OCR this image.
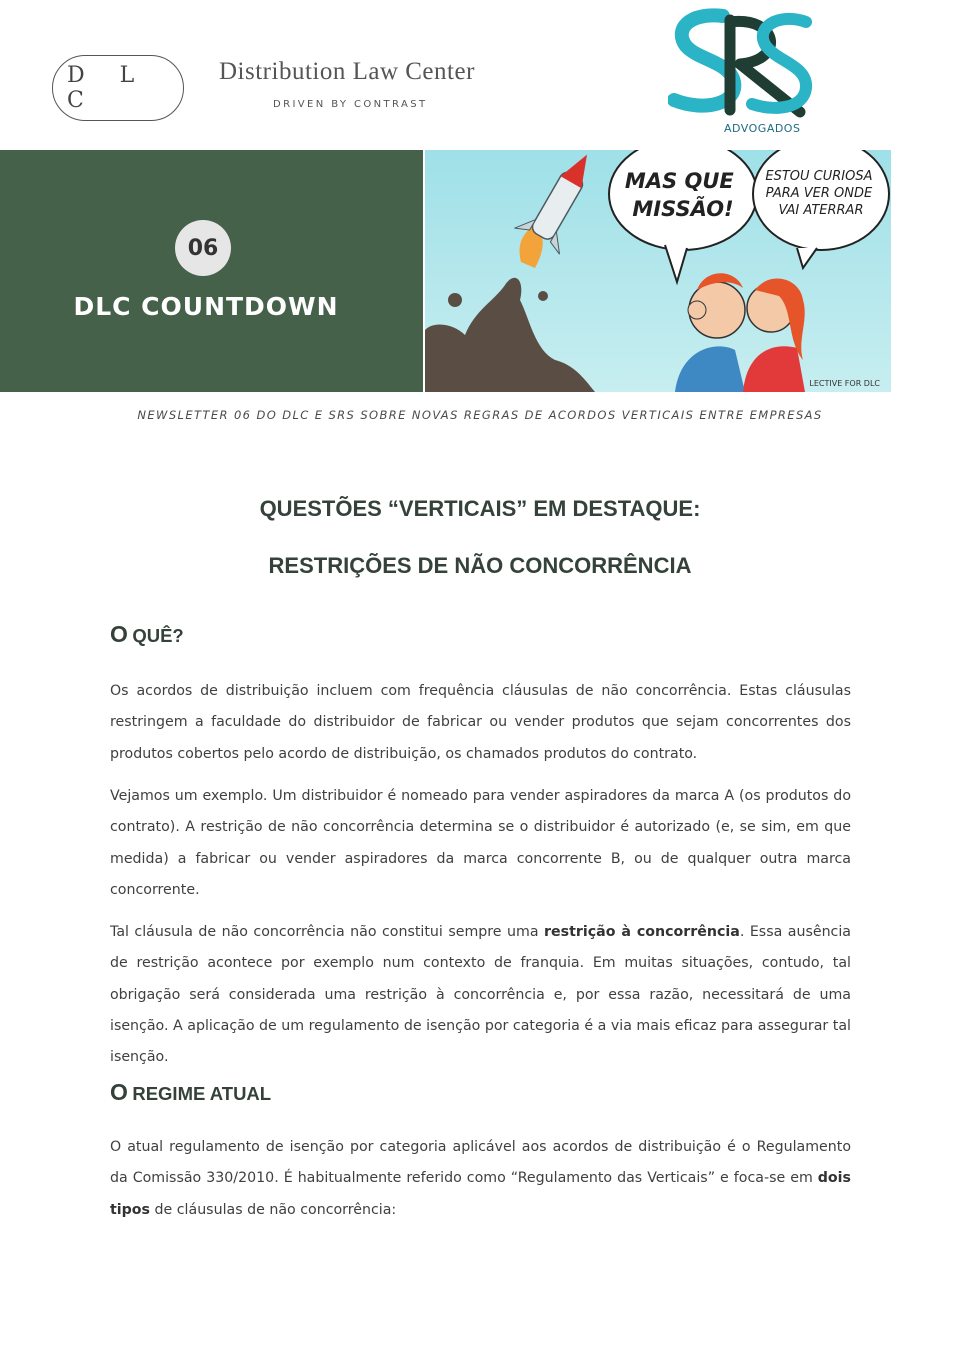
D L C
Distribution Law Center
DRIVEN BY CONTRAST
ADVOGADOS
06
DLC COUNTDOWN
MAS QUE MISSÃO!
ESTOU CURIOSA PARA VER ONDE VAI ATERRAR
LECTIVE FOR DLC
NEWSLETTER 06 DO DLC E SRS SOBRE NOVAS REGRAS DE ACORDOS VERTICAIS ENTRE EMPRESAS
QUESTÕES “VERTICAIS” EM DESTAQUE:
RESTRIÇÕES DE NÃO CONCORRÊNCIA
O QUÊ?

Os acordos de distribuição incluem com frequência cláusulas de não concorrência. Estas cláusulas restringem a faculdade do distribuidor de fabricar ou vender produtos que sejam concorrentes dos produtos cobertos pelo acordo de distribuição, os chamados produtos do contrato.

Vejamos um exemplo. Um distribuidor é nomeado para vender aspiradores da marca A (os produtos do contrato). A restrição de não concorrência determina se o distribuidor é autorizado (e, se sim, em que medida) a fabricar ou vender aspiradores da marca concorrente B, ou de qualquer outra marca concorrente.

Tal cláusula de não concorrência não constitui sempre uma restrição à concorrência. Essa ausência de restrição acontece por exemplo num contexto de franquia. Em muitas situações, contudo, tal obrigação será considerada uma restrição à concorrência e, por essa razão, necessitará de uma isenção. A aplicação de um regulamento de isenção por categoria é a via mais eficaz para assegurar tal isenção.

O REGIME ATUAL

O atual regulamento de isenção por categoria aplicável aos acordos de distribuição é o Regulamento da Comissão 330/2010. É habitualmente referido como “Regulamento das Verticais” e foca-se em dois tipos de cláusulas de não concorrência:
